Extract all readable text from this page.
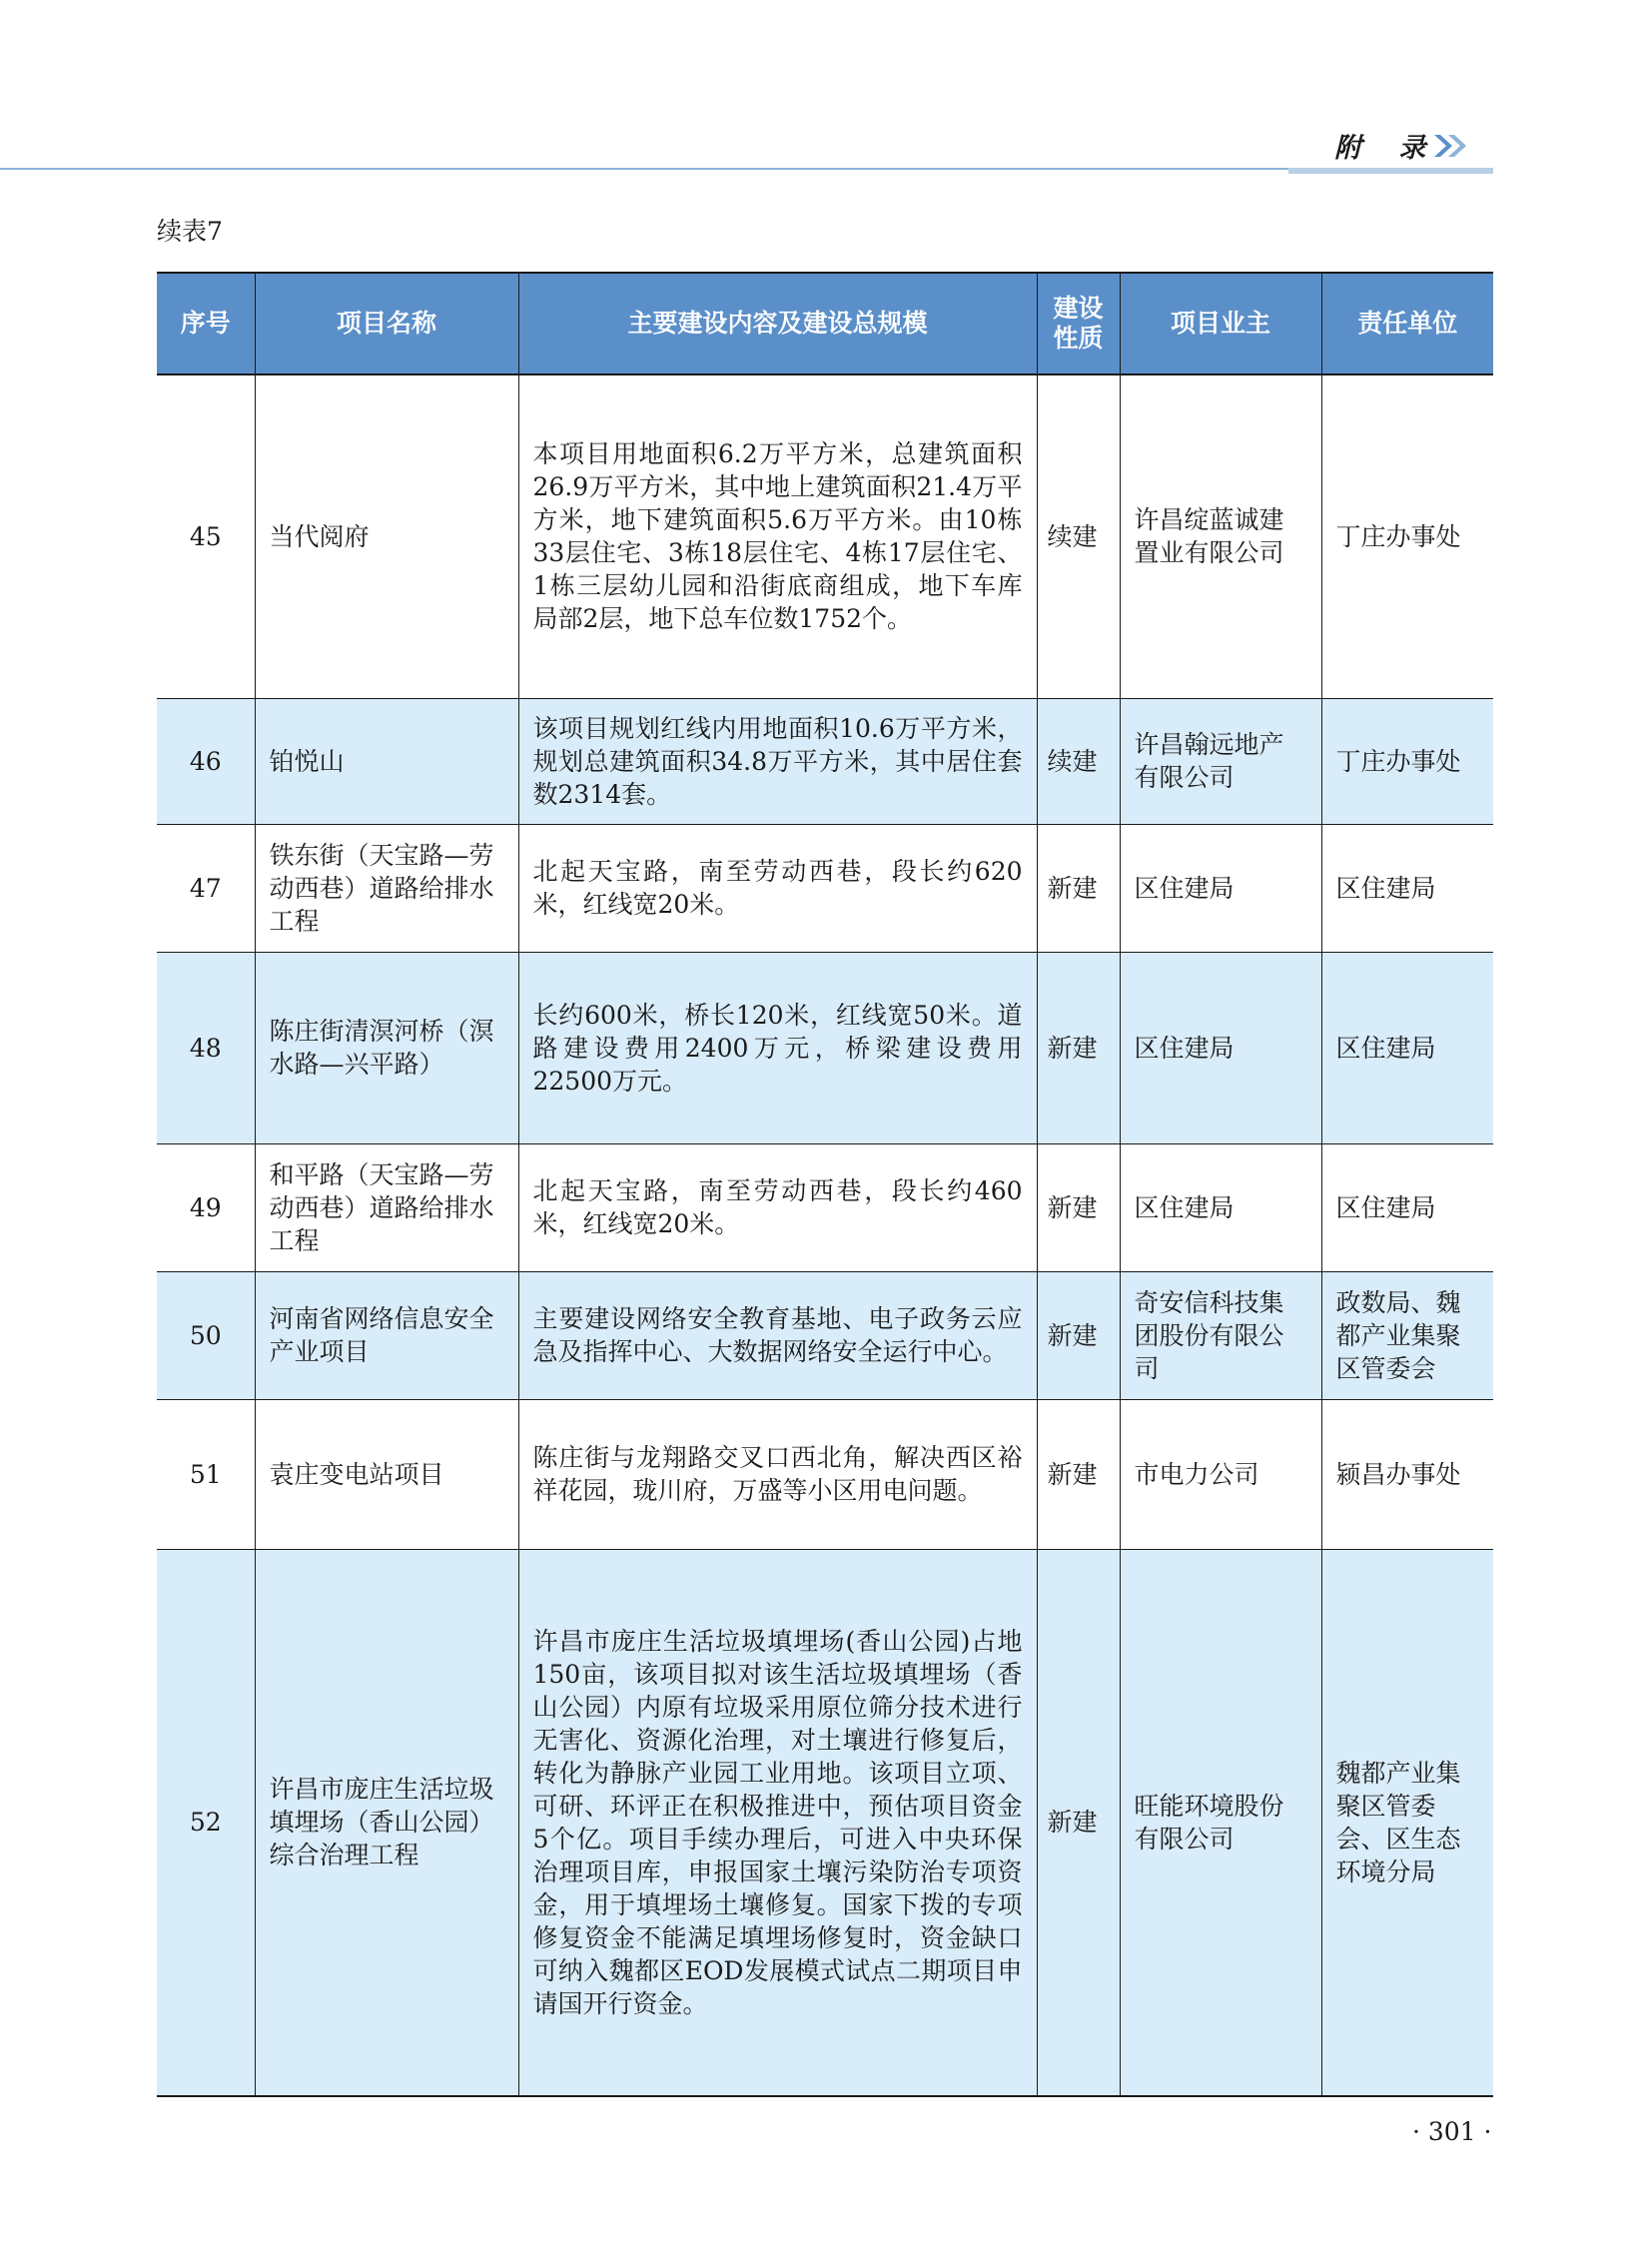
附 录
续表7
序号	项目名称	主要建设内容及建设总规模	建设性质	项目业主	责任单位
45	当代阅府	本项目用地面积6.2万平方米，总建筑面积26.9万平方米，其中地上建筑面积21.4万平方米，地下建筑面积5.6万平方米。由10栋33层住宅、3栋18层住宅、4栋17层住宅、1栋三层幼儿园和沿街底商组成，地下车库局部2层，地下总车位数1752个。	续建	许昌绽蓝诚建置业有限公司	丁庄办事处
46	铂悦山	该项目规划红线内用地面积10.6万平方米，规划总建筑面积34.8万平方米，其中居住套数2314套。	续建	许昌翰远地产有限公司	丁庄办事处
47	铁东街（天宝路—劳动西巷）道路给排水工程	北起天宝路，南至劳动西巷，段长约620米，红线宽20米。	新建	区住建局	区住建局
48	陈庄街清溟河桥（溟水路—兴平路）	长约600米，桥长120米，红线宽50米。道路建设费用2400万元，桥梁建设费用22500万元。	新建	区住建局	区住建局
49	和平路（天宝路—劳动西巷）道路给排水工程	北起天宝路，南至劳动西巷，段长约460米，红线宽20米。	新建	区住建局	区住建局
50	河南省网络信息安全产业项目	主要建设网络安全教育基地、电子政务云应急及指挥中心、大数据网络安全运行中心。	新建	奇安信科技集团股份有限公司	政数局、魏都产业集聚区管委会
51	袁庄变电站项目	陈庄街与龙翔路交叉口西北角，解决西区裕祥花园，珑川府，万盛等小区用电问题。	新建	市电力公司	颍昌办事处
52	许昌市庞庄生活垃圾填埋场（香山公园）综合治理工程	许昌市庞庄生活垃圾填埋场(香山公园)占地150亩，该项目拟对该生活垃圾填埋场（香山公园）内原有垃圾采用原位筛分技术进行无害化、资源化治理，对土壤进行修复后，转化为静脉产业园工业用地。该项目立项、可研、环评正在积极推进中，预估项目资金5个亿。项目手续办理后，可进入中央环保治理项目库，申报国家土壤污染防治专项资金，用于填埋场土壤修复。国家下拨的专项修复资金不能满足填埋场修复时，资金缺口可纳入魏都区EOD发展模式试点二期项目申请国开行资金。	新建	旺能环境股份有限公司	魏都产业集聚区管委会、区生态环境分局
· 301 ·
